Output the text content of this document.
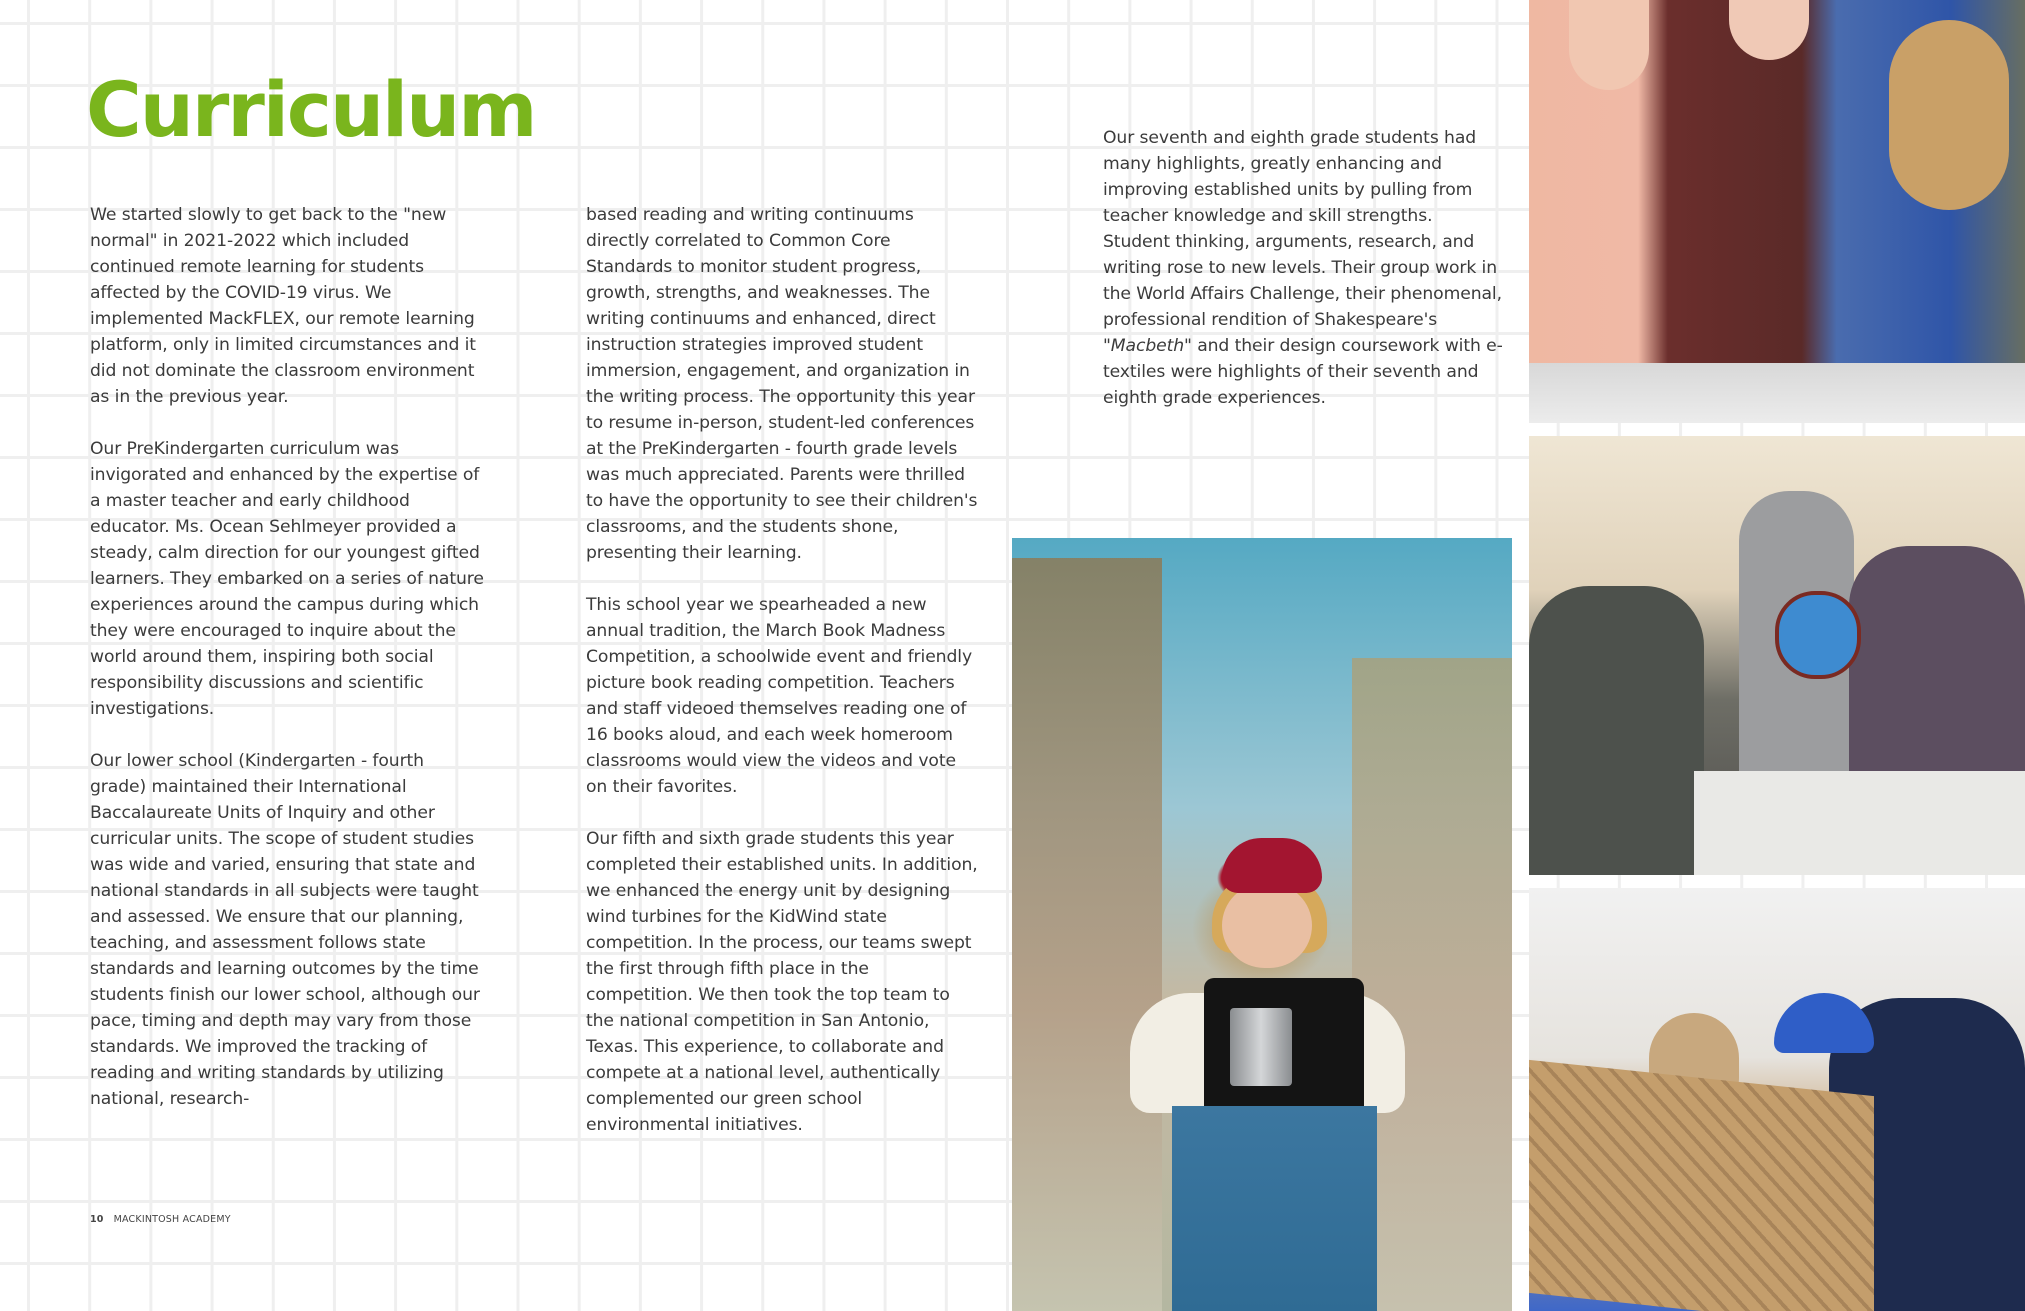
Curriculum

We started slowly to get back to the "new normal" in 2021-2022 which included continued remote learning for students affected by the COVID-19 virus. We implemented MackFLEX, our remote learning platform, only in limited circumstances and it did not dominate the classroom environment as in the previous year.

Our PreKindergarten curriculum was invigorated and enhanced by the expertise of a master teacher and early childhood educator. Ms. Ocean Sehlmeyer provided a steady, calm direction for our youngest gifted learners. They embarked on a series of nature experiences around the campus during which they were encouraged to inquire about the world around them, inspiring both social responsibility discussions and scientific investigations.

Our lower school (Kindergarten - fourth grade) maintained their International Baccalaureate Units of Inquiry and other curricular units. The scope of student studies was wide and varied, ensuring that state and national standards in all subjects were taught and assessed. We ensure that our planning, teaching, and assessment follows state standards and learning outcomes by the time students finish our lower school, although our pace, timing and depth may vary from those standards. We improved the tracking of reading and writing standards by utilizing national, research-

based reading and writing continuums directly correlated to Common Core Standards to monitor student progress, growth, strengths, and weaknesses. The writing continuums and enhanced, direct instruction strategies improved student immersion, engagement, and organization in the writing process. The opportunity this year to resume in-person, student-led conferences at the PreKindergarten - fourth grade levels was much appreciated. Parents were thrilled to have the opportunity to see their children's classrooms, and the students shone, presenting their learning.

This school year we spearheaded a new annual tradition, the March Book Madness Competition, a schoolwide event and friendly picture book reading competition. Teachers and staff videoed themselves reading one of 16 books aloud, and each week homeroom classrooms would view the videos and vote on their favorites.

Our fifth and sixth grade students this year completed their established units. In addition, we enhanced the energy unit by designing wind turbines for the KidWind state competition. In the process, our teams swept the first through fifth place in the competition. We then took the top team to the national competition in San Antonio, Texas. This experience, to collaborate and compete at a national level, authentically complemented our green school environmental initiatives.

Our seventh and eighth grade students had many highlights, greatly enhancing and improving established units by pulling from teacher knowledge and skill strengths. Student thinking, arguments, research, and writing rose to new levels. Their group work in the World Affairs Challenge, their phenomenal, professional rendition of Shakespeare's "Macbeth" and their design coursework with e-textiles were highlights of their seventh and eighth grade experiences.

10 MACKINTOSH ACADEMY
